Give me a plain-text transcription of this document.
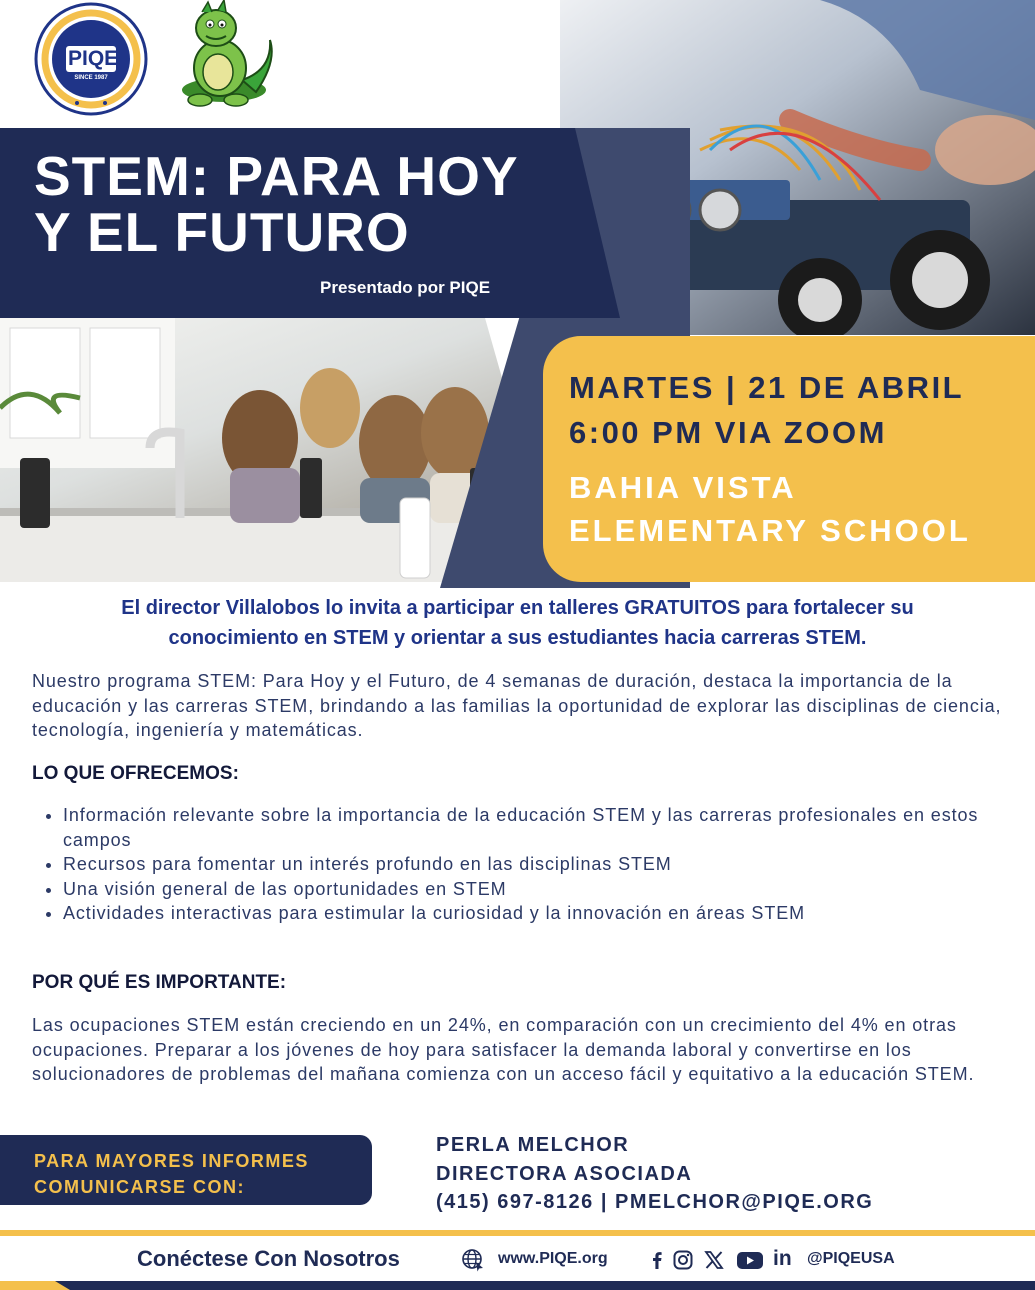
PIQE
SINCE 1987
STEM: PARA HOY
Y EL FUTURO
Presentado por PIQE
MARTES | 21 DE ABRIL
6:00 PM VIA ZOOM
BAHIA VISTA
ELEMENTARY SCHOOL
El director Villalobos lo invita a participar en talleres GRATUITOS para fortalecer su
conocimiento en STEM y orientar a sus estudiantes hacia carreras STEM.
Nuestro programa STEM: Para Hoy y el Futuro, de 4 semanas de duración, destaca la importancia de la educación y las carreras STEM, brindando a las familias la oportunidad de explorar las disciplinas de ciencia, tecnología, ingeniería y matemáticas.
LO QUE OFRECEMOS:
• Información relevante sobre la importancia de la educación STEM y las carreras profesionales en estos campos
• Recursos para fomentar un interés profundo en las disciplinas STEM
• Una visión general de las oportunidades en STEM
• Actividades interactivas para estimular la curiosidad y la innovación en áreas STEM
POR QUÉ ES IMPORTANTE:
Las ocupaciones STEM están creciendo en un 24%, en comparación con un crecimiento del 4% en otras ocupaciones. Preparar a los jóvenes de hoy para satisfacer la demanda laboral y convertirse en los solucionadores de problemas del mañana comienza con un acceso fácil y equitativo a la educación STEM.
PARA MAYORES INFORMES
COMUNICARSE CON:
PERLA MELCHOR
DIRECTORA ASOCIADA
(415) 697-8126 | PMELCHOR@PIQE.ORG
Conéctese Con Nosotros	www.PIQE.org	in @PIQEUSA
